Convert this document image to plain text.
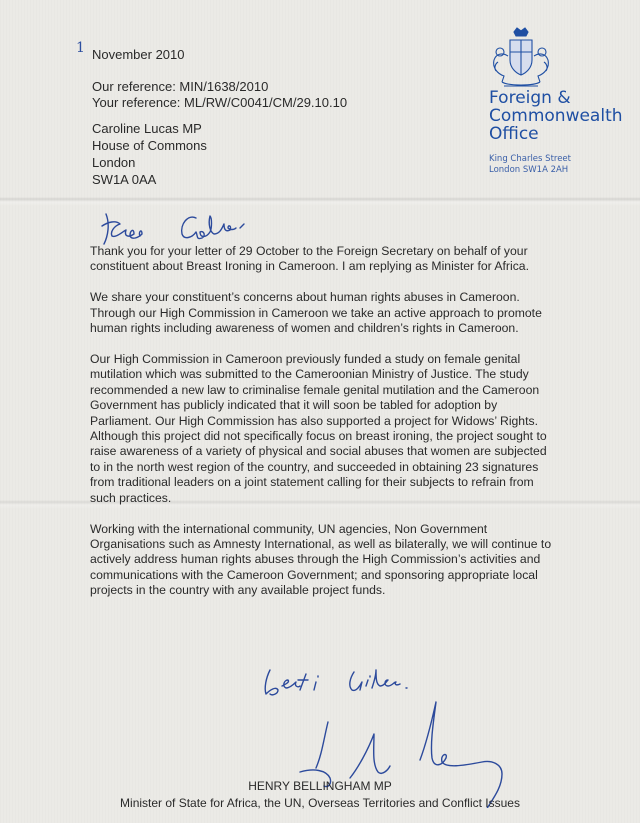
1 November 2010
Our reference: MIN/1638/2010
Your reference: ML/RW/C0041/CM/29.10.10
Caroline Lucas MP
House of Commons
London
SW1A 0AA
Foreign &
Commonwealth
Office
King Charles Street
London SW1A 2AH

Thank you for your letter of 29 October to the Foreign Secretary on behalf of your constituent about Breast Ironing in Cameroon. I am replying as Minister for Africa.

We share your constituent’s concerns about human rights abuses in Cameroon. Through our High Commission in Cameroon we take an active approach to promote human rights including awareness of women and children’s rights in Cameroon.

Our High Commission in Cameroon previously funded a study on female genital mutilation which was submitted to the Cameroonian Ministry of Justice. The study recommended a new law to criminalise female genital mutilation and the Cameroon Government has publicly indicated that it will soon be tabled for adoption by Parliament. Our High Commission has also supported a project for Widows’ Rights. Although this project did not specifically focus on breast ironing, the project sought to raise awareness of a variety of physical and social abuses that women are subjected to in the north west region of the country, and succeeded in obtaining 23 signatures from traditional leaders on a joint statement calling for their subjects to refrain from such practices.

Working with the international community, UN agencies, Non Government Organisations such as Amnesty International, as well as bilaterally, we will continue to actively address human rights abuses through the High Commission’s activities and communications with the Cameroon Government; and sponsoring appropriate local projects in the country with any available project funds.

HENRY BELLINGHAM MP
Minister of State for Africa, the UN, Overseas Territories and Conflict Issues
